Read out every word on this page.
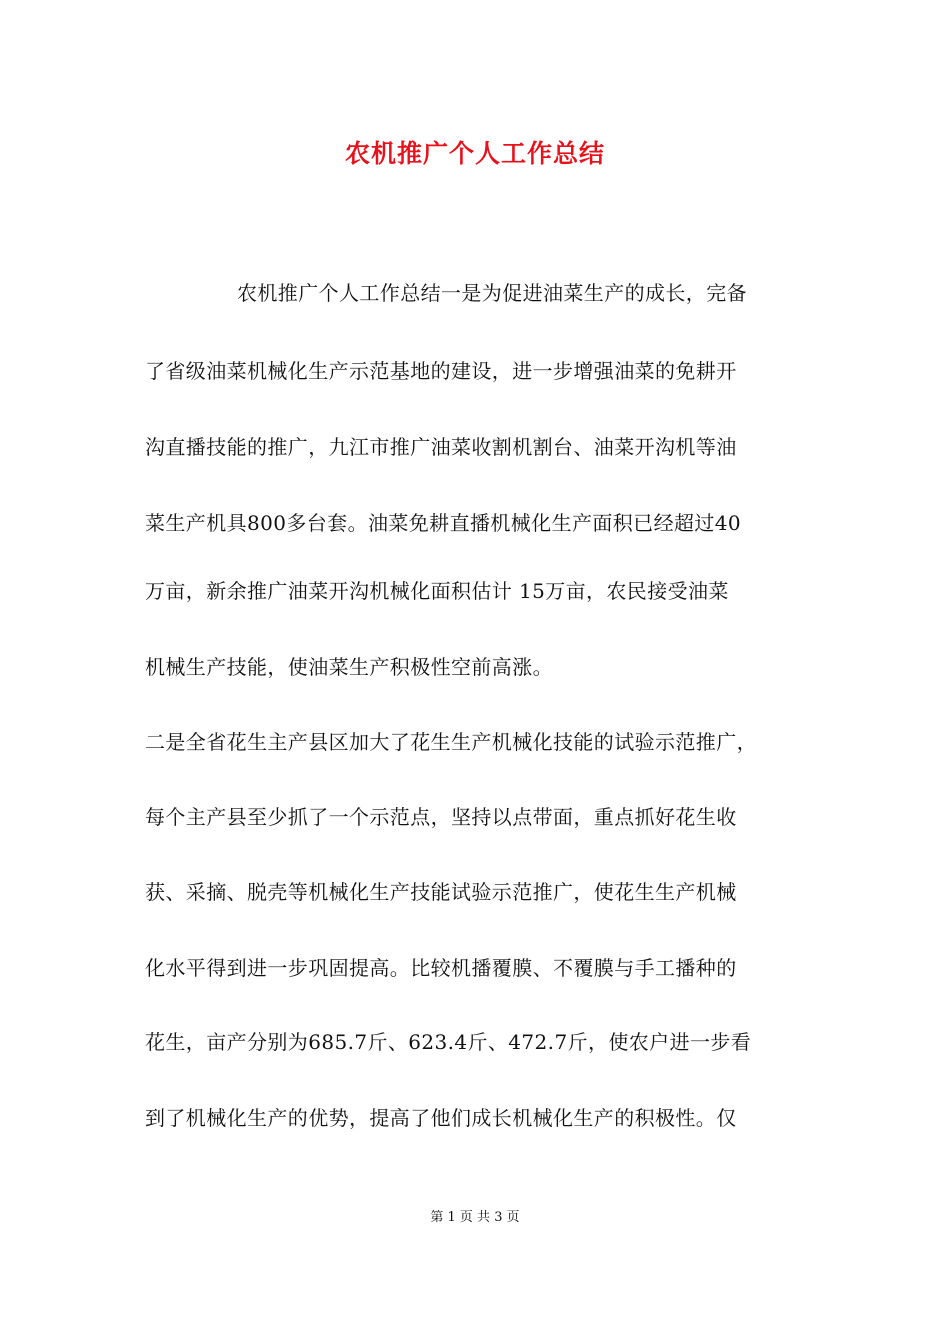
农机推广个人工作总结
农机推广个人工作总结一是为促进油菜生产的成长，完备
了省级油菜机械化生产示范基地的建设，进一步增强油菜的免耕开
沟直播技能的推广，九江市推广油菜收割机割台、油菜开沟机等油
菜生产机具800多台套。油菜免耕直播机械化生产面积已经超过40
万亩，新余推广油菜开沟机械化面积估计 15万亩，农民接受油菜
机械生产技能，使油菜生产积极性空前高涨。
二是全省花生主产县区加大了花生生产机械化技能的试验示范推广，
每个主产县至少抓了一个示范点，坚持以点带面，重点抓好花生收
获、采摘、脱壳等机械化生产技能试验示范推广，使花生生产机械
化水平得到进一步巩固提高。比较机播覆膜、不覆膜与手工播种的
花生，亩产分别为685.7斤、623.4斤、472.7斤，使农户进一步看
到了机械化生产的优势，提高了他们成长机械化生产的积极性。仅
第 1 页 共 3 页
